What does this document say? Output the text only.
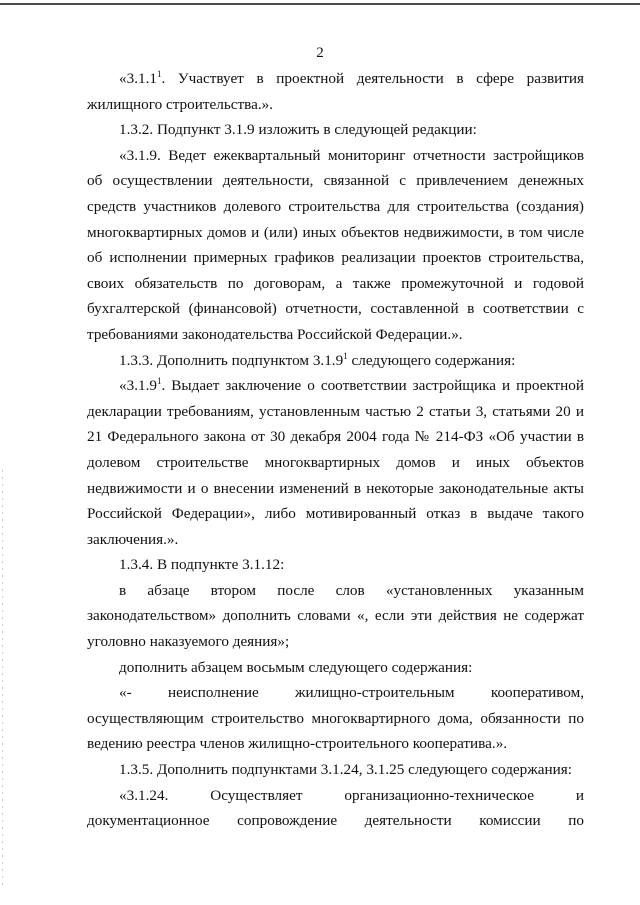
2

«3.1.1$^1$. Участвует в проектной деятельности в сфере развития жилищного строительства.».

1.3.2. Подпункт 3.1.9 изложить в следующей редакции:

«3.1.9. Ведет ежеквартальный мониторинг отчетности застройщиков об осуществлении деятельности, связанной с привлечением денежных средств участников долевого строительства для строительства (создания) многоквартирных домов и (или) иных объектов недвижимости, в том числе об исполнении примерных графиков реализации проектов строительства, своих обязательств по договорам, а также промежуточной и годовой бухгалтерской (финансовой) отчетности, составленной в соответствии с требованиями законодательства Российской Федерации.».

1.3.3. Дополнить подпунктом 3.1.9$^1$ следующего содержания:

«3.1.9$^1$. Выдает заключение о соответствии застройщика и проектной декларации требованиям, установленным частью 2 статьи 3, статьями 20 и 21 Федерального закона от 30 декабря 2004 года № 214-ФЗ «Об участии в долевом строительстве многоквартирных домов и иных объектов недвижимости и о внесении изменений в некоторые законодательные акты Российской Федерации», либо мотивированный отказ в выдаче такого заключения.».

1.3.4. В подпункте 3.1.12:

в абзаце втором после слов «установленных указанным законодательством» дополнить словами «, если эти действия не содержат уголовно наказуемого деяния»;

дополнить абзацем восьмым следующего содержания:

«- неисполнение жилищно-строительным кооперативом, осуществляющим строительство многоквартирного дома, обязанности по ведению реестра членов жилищно-строительного кооператива.».

1.3.5. Дополнить подпунктами 3.1.24, 3.1.25 следующего содержания:

«3.1.24. Осуществляет организационно-техническое и документационное сопровождение деятельности комиссии по
